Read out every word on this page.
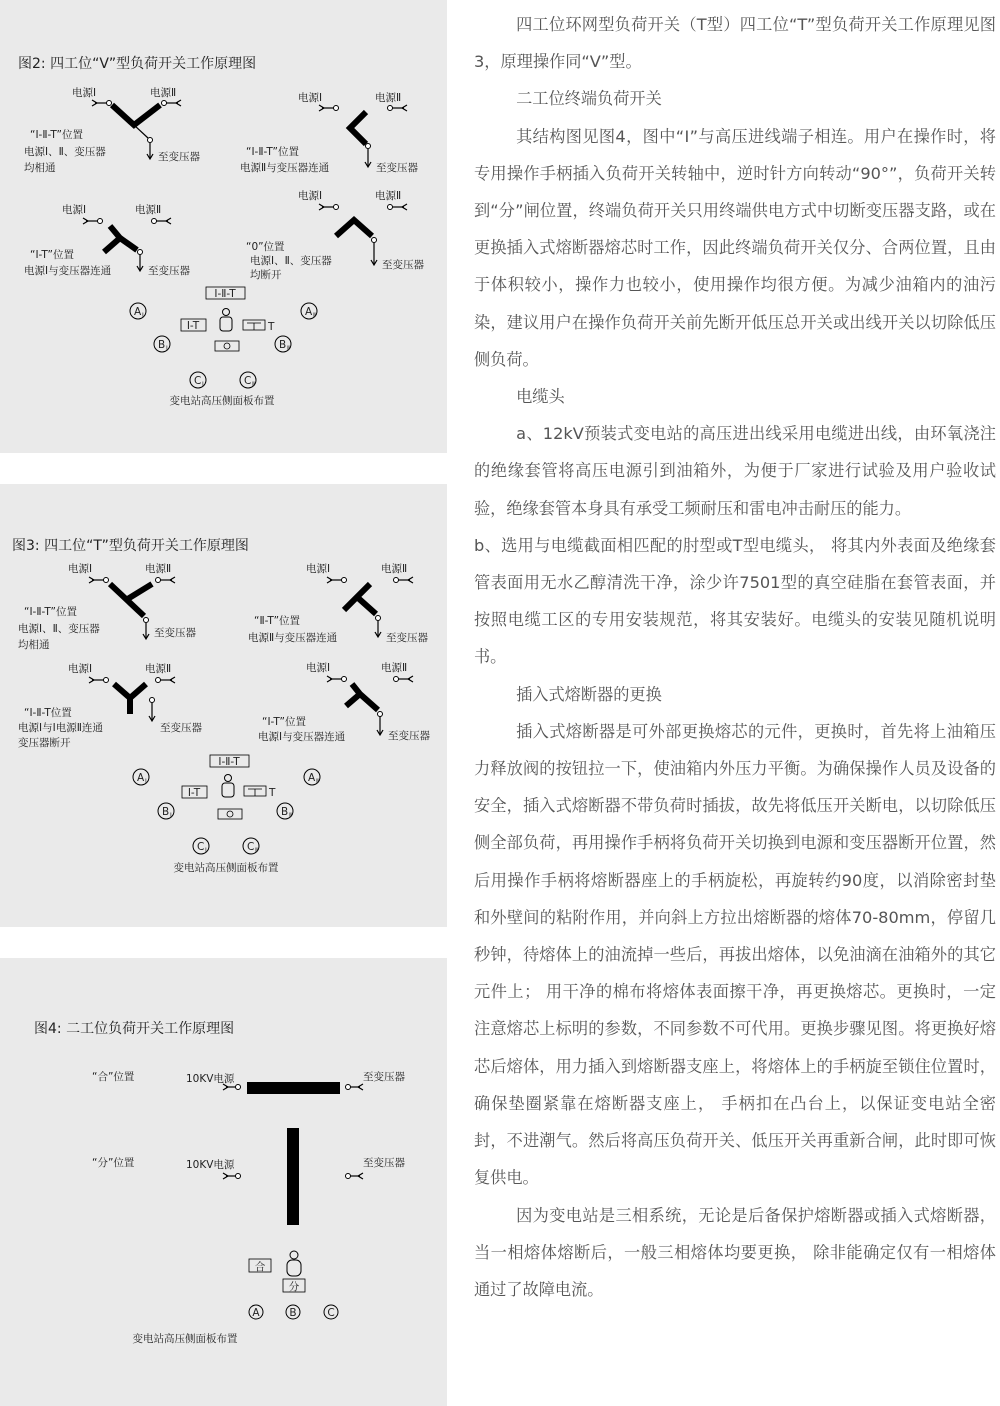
图2: 四工位“V”型负荷开关工作原理图
电源Ⅰ	电源Ⅱ
至变压器
“Ⅰ-Ⅱ-T”位置
电源Ⅰ、Ⅱ、变压器
均相通
电源Ⅰ	电源Ⅱ
至变压器
“Ⅰ-Ⅱ-T”位置
电源Ⅱ与变压器连通
电源Ⅰ	电源Ⅱ
至变压器
“Ⅰ-T”位置
电源Ⅰ与变压器连通
电源Ⅰ	电源Ⅱ
至变压器
“0”位置
电源Ⅰ、Ⅱ、变压器
均断开
Ⅰ-Ⅱ-T
Ⅰ-T	T
A Ⅰ	A Ⅱ
B Ⅰ	B Ⅱ
C Ⅰ	C Ⅱ
变电站高压侧面板布置
图3: 四工位“T”型负荷开关工作原理图
电源Ⅰ	电源Ⅱ
至变压器
“Ⅰ-Ⅱ-T”位置
电源Ⅰ、Ⅱ、变压器
均相通
电源Ⅰ	电源Ⅱ
至变压器
“Ⅱ-T”位置
电源Ⅱ与变压器连通
电源Ⅰ	电源Ⅱ
至变压器
“Ⅰ-Ⅱ-T位置
电源Ⅰ与Ⅰ电源Ⅱ连通
变压器断开
电源Ⅰ	电源Ⅱ
至变压器
“Ⅰ-T”位置
电源Ⅰ与变压器连通
Ⅰ-Ⅱ-T
Ⅰ-T	T
A Ⅰ	A Ⅱ
B Ⅰ	B Ⅱ
C Ⅰ	C Ⅱ
变电站高压侧面板布置
图4: 二工位负荷开关工作原理图
“合”位置	10KV电源	至变压器
“分”位置	10KV电源	至变压器
合
分
A	B	C
变电站高压侧面板布置

四工位环网型负荷开关（T型）四工位“T”型负荷开关工作原理见图3，原理操作同“V”型。

二工位终端负荷开关

其结构图见图4，图中“Ⅰ”与高压进线端子相连。用户在操作时，将专用操作手柄插入负荷开关转轴中，逆时针方向转动“90°”，负荷开关转到“分”闸位置，终端负荷开关只用终端供电方式中切断变压器支路，或在更换插入式熔断器熔芯时工作，因此终端负荷开关仅分、合两位置，且由于体积较小，操作力也较小，使用操作均很方便。为减少油箱内的油污染，建议用户在操作负荷开关前先断开低压总开关或出线开关以切除低压侧负荷。

电缆头

a、12kV预装式变电站的高压进出线采用电缆进出线，由环氧浇注的绝缘套管将高压电源引到油箱外，为便于厂家进行试验及用户验收试验，绝缘套管本身具有承受工频耐压和雷电冲击耐压的能力。

b、选用与电缆截面相匹配的肘型或T型电缆头， 将其内外表面及绝缘套管表面用无水乙醇清洗干净，涂少许7501型的真空硅脂在套管表面，并按照电缆工区的专用安装规范，将其安装好。电缆头的安装见随机说明书。

插入式熔断器的更换

插入式熔断器是可外部更换熔芯的元件，更换时，首先将上油箱压力释放阀的按钮拉一下，使油箱内外压力平衡。为确保操作人员及设备的安全，插入式熔断器不带负荷时插拔，故先将低压开关断电，以切除低压侧全部负荷，再用操作手柄将负荷开关切换到电源和变压器断开位置，然后用操作手柄将熔断器座上的手柄旋松，再旋转约90度，以消除密封垫和外壁间的粘附作用，并向斜上方拉出熔断器的熔体70-80mm，停留几秒钟，待熔体上的油流掉一些后，再拔出熔体，以免油滴在油箱外的其它元件上； 用干净的棉布将熔体表面擦干净，再更换熔芯。更换时，一定注意熔芯上标明的参数，不同参数不可代用。更换步骤见图。将更换好熔芯后熔体，用力插入到熔断器支座上，将熔体上的手柄旋至锁住位置时，确保垫圈紧靠在熔断器支座上， 手柄扣在凸台上，以保证变电站全密封，不进潮气。然后将高压负荷开关、低压开关再重新合闸，此时即可恢复供电。

因为变电站是三相系统，无论是后备保护熔断器或插入式熔断器，当一相熔体熔断后，一般三相熔体均要更换， 除非能确定仅有一相熔体通过了故障电流。
